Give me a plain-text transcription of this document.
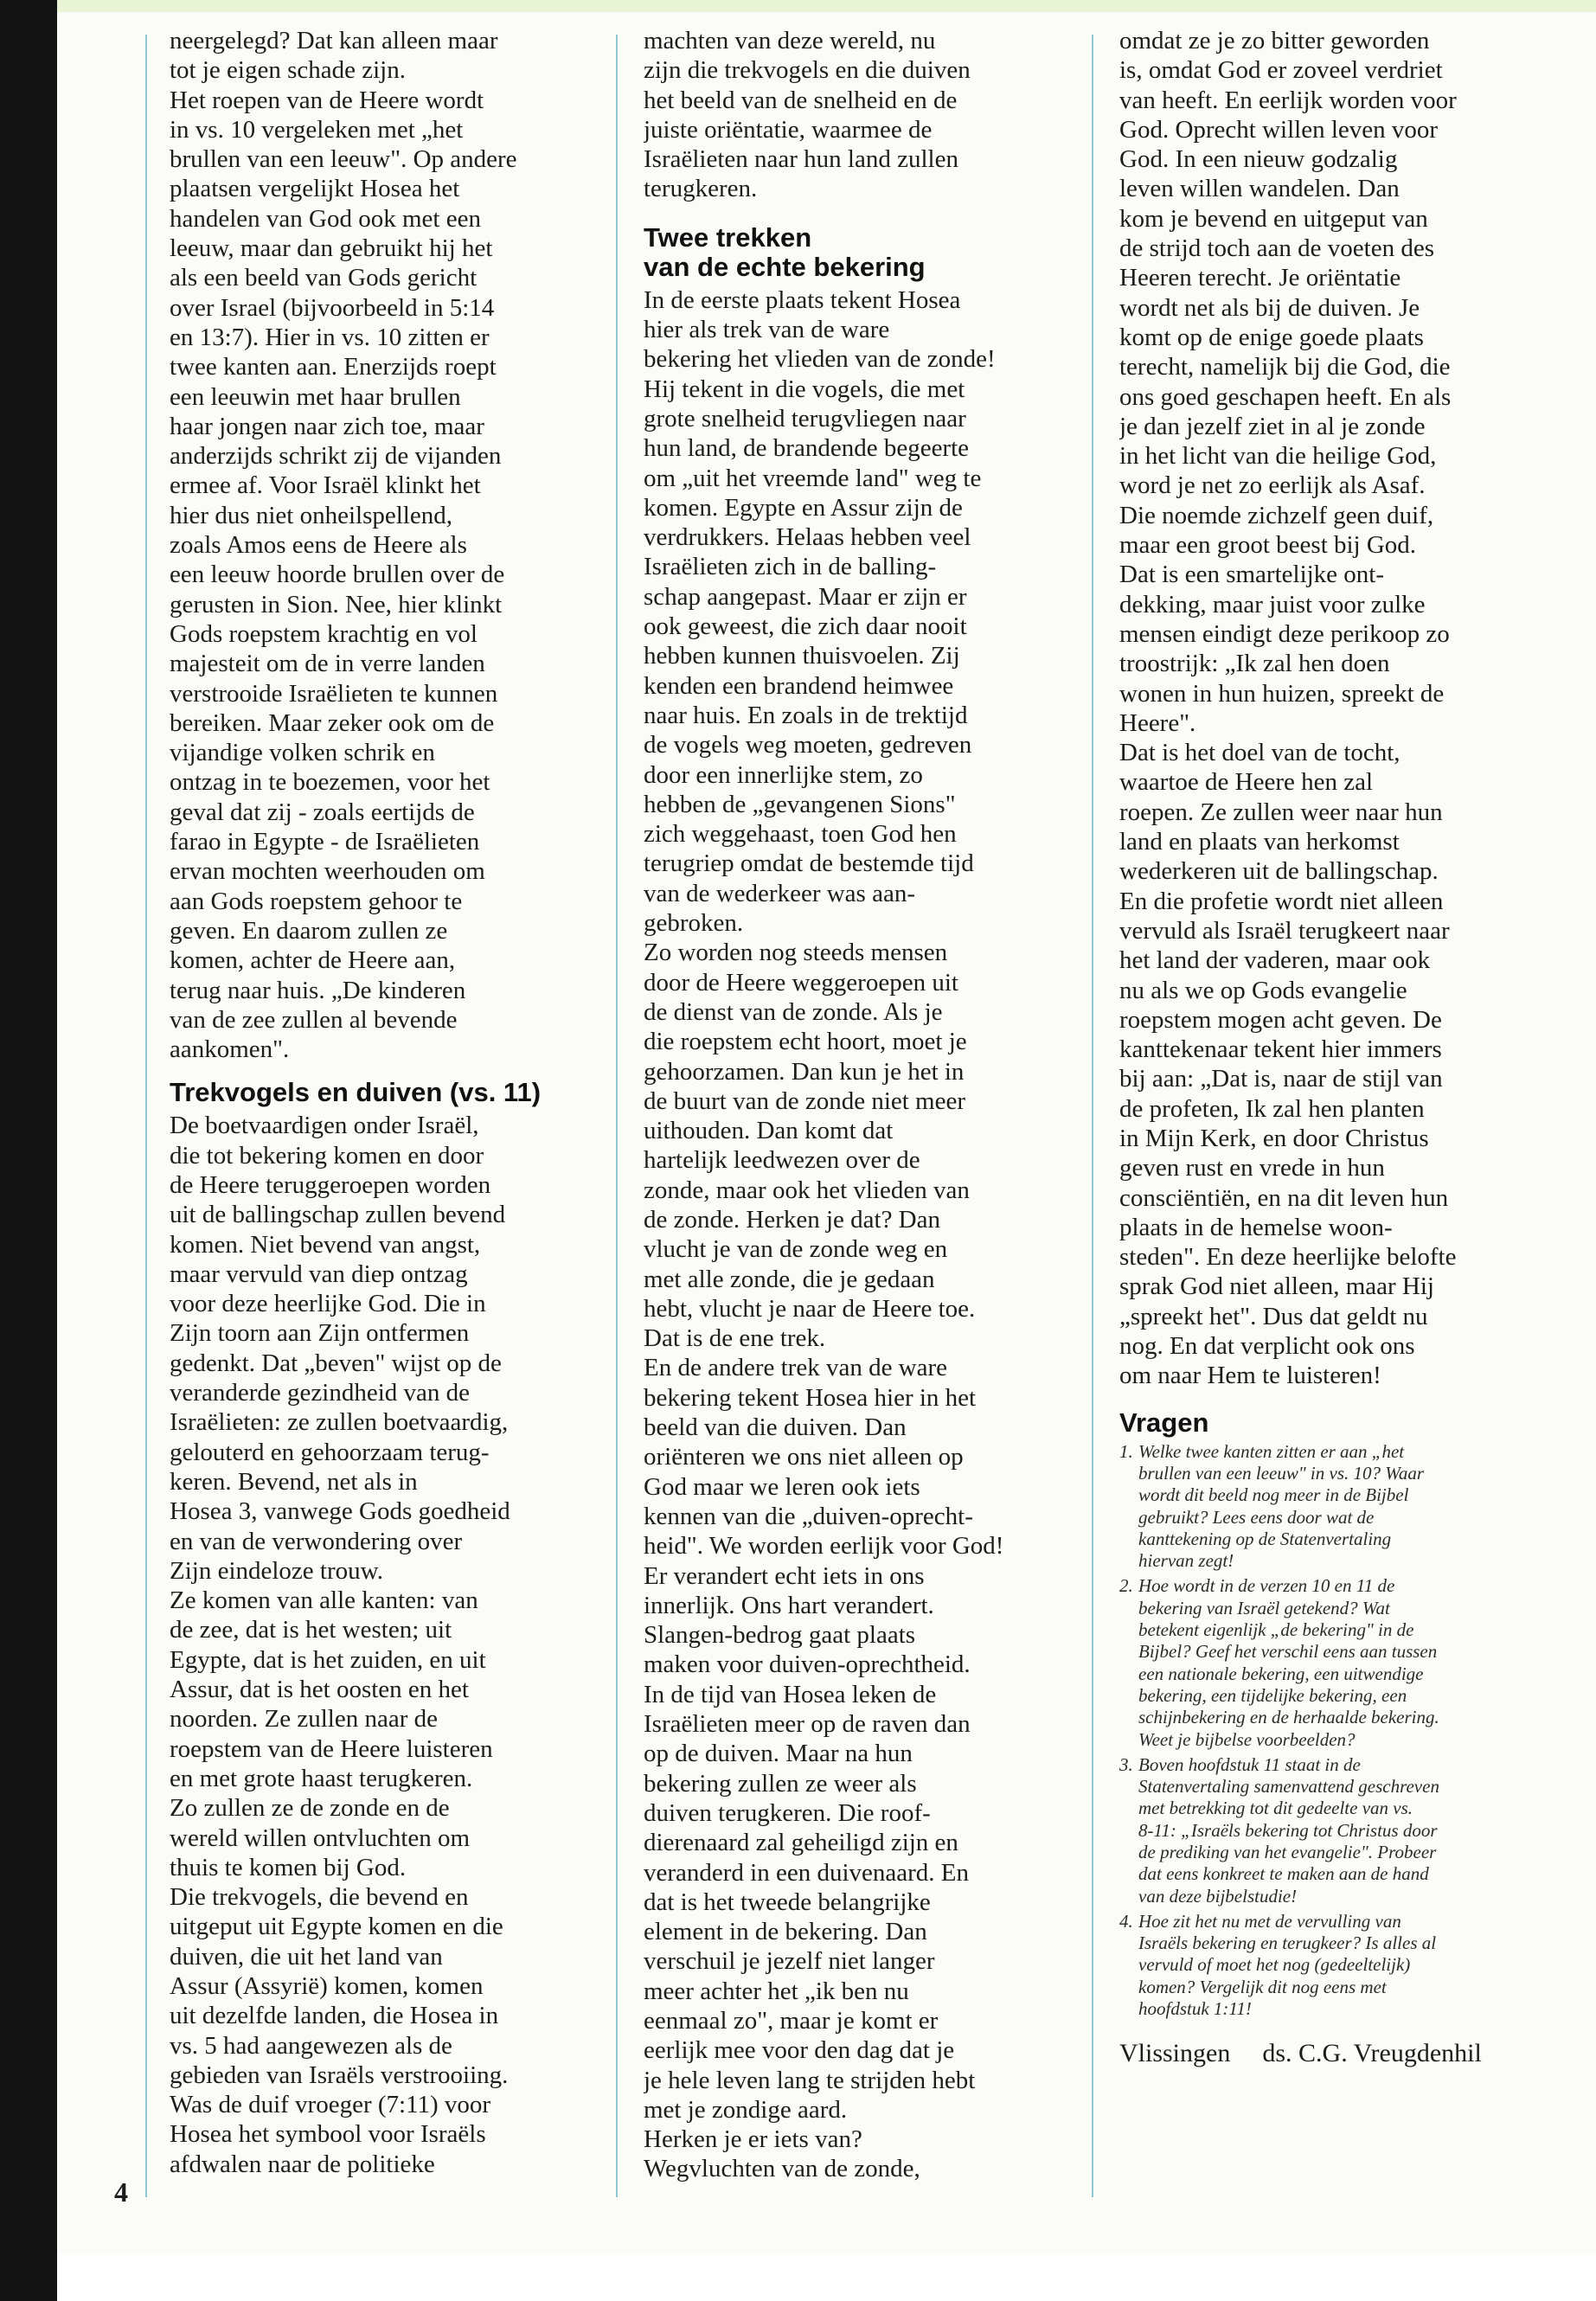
4

neergelegd? Dat kan alleen maar
tot je eigen schade zijn.
Het roepen van de Heere wordt
in vs. 10 vergeleken met „het
brullen van een leeuw". Op andere
plaatsen vergelijkt Hosea het
handelen van God ook met een
leeuw, maar dan gebruikt hij het
als een beeld van Gods gericht
over Israel (bijvoorbeeld in 5:14
en 13:7). Hier in vs. 10 zitten er
twee kanten aan. Enerzijds roept
een leeuwin met haar brullen
haar jongen naar zich toe, maar
anderzijds schrikt zij de vijanden
ermee af. Voor Israël klinkt het
hier dus niet onheilspellend,
zoals Amos eens de Heere als
een leeuw hoorde brullen over de
gerusten in Sion. Nee, hier klinkt
Gods roepstem krachtig en vol
majesteit om de in verre landen
verstrooide Israëlieten te kunnen
bereiken. Maar zeker ook om de
vijandige volken schrik en
ontzag in te boezemen, voor het
geval dat zij - zoals eertijds de
farao in Egypte - de Israëlieten
ervan mochten weerhouden om
aan Gods roepstem gehoor te
geven. En daarom zullen ze
komen, achter de Heere aan,
terug naar huis. „De kinderen
van de zee zullen al bevende
aankomen".

Trekvogels en duiven (vs. 11)

De boetvaardigen onder Israël,
die tot bekering komen en door
de Heere teruggeroepen worden
uit de ballingschap zullen bevend
komen. Niet bevend van angst,
maar vervuld van diep ontzag
voor deze heerlijke God. Die in
Zijn toorn aan Zijn ontfermen
gedenkt. Dat „beven" wijst op de
veranderde gezindheid van de
Israëlieten: ze zullen boetvaardig,
gelouterd en gehoorzaam terug-
keren. Bevend, net als in
Hosea 3, vanwege Gods goedheid
en van de verwondering over
Zijn eindeloze trouw.
Ze komen van alle kanten: van
de zee, dat is het westen; uit
Egypte, dat is het zuiden, en uit
Assur, dat is het oosten en het
noorden. Ze zullen naar de
roepstem van de Heere luisteren
en met grote haast terugkeren.
Zo zullen ze de zonde en de
wereld willen ontvluchten om
thuis te komen bij God.
Die trekvogels, die bevend en
uitgeput uit Egypte komen en die
duiven, die uit het land van
Assur (Assyrië) komen, komen
uit dezelfde landen, die Hosea in
vs. 5 had aangewezen als de
gebieden van Israëls verstrooiing.
Was de duif vroeger (7:11) voor
Hosea het symbool voor Israëls
afdwalen naar de politieke

machten van deze wereld, nu
zijn die trekvogels en die duiven
het beeld van de snelheid en de
juiste oriëntatie, waarmee de
Israëlieten naar hun land zullen
terugkeren.

Twee trekken
van de echte bekering

In de eerste plaats tekent Hosea
hier als trek van de ware
bekering het vlieden van de zonde!
Hij tekent in die vogels, die met
grote snelheid terugvliegen naar
hun land, de brandende begeerte
om „uit het vreemde land" weg te
komen. Egypte en Assur zijn de
verdrukkers. Helaas hebben veel
Israëlieten zich in de balling-
schap aangepast. Maar er zijn er
ook geweest, die zich daar nooit
hebben kunnen thuisvoelen. Zij
kenden een brandend heimwee
naar huis. En zoals in de trektijd
de vogels weg moeten, gedreven
door een innerlijke stem, zo
hebben de „gevangenen Sions"
zich weggehaast, toen God hen
terugriep omdat de bestemde tijd
van de wederkeer was aan-
gebroken.
Zo worden nog steeds mensen
door de Heere weggeroepen uit
de dienst van de zonde. Als je
die roepstem echt hoort, moet je
gehoorzamen. Dan kun je het in
de buurt van de zonde niet meer
uithouden. Dan komt dat
hartelijk leedwezen over de
zonde, maar ook het vlieden van
de zonde. Herken je dat? Dan
vlucht je van de zonde weg en
met alle zonde, die je gedaan
hebt, vlucht je naar de Heere toe.
Dat is de ene trek.
En de andere trek van de ware
bekering tekent Hosea hier in het
beeld van die duiven. Dan
oriënteren we ons niet alleen op
God maar we leren ook iets
kennen van die „duiven-oprecht-
heid". We worden eerlijk voor God!
Er verandert echt iets in ons
innerlijk. Ons hart verandert.
Slangen-bedrog gaat plaats
maken voor duiven-oprechtheid.
In de tijd van Hosea leken de
Israëlieten meer op de raven dan
op de duiven. Maar na hun
bekering zullen ze weer als
duiven terugkeren. Die roof-
dierenaard zal geheiligd zijn en
veranderd in een duivenaard. En
dat is het tweede belangrijke
element in de bekering. Dan
verschuil je jezelf niet langer
meer achter het „ik ben nu
eenmaal zo", maar je komt er
eerlijk mee voor den dag dat je
je hele leven lang te strijden hebt
met je zondige aard.
Herken je er iets van?
Wegvluchten van de zonde,

omdat ze je zo bitter geworden
is, omdat God er zoveel verdriet
van heeft. En eerlijk worden voor
God. Oprecht willen leven voor
God. In een nieuw godzalig
leven willen wandelen. Dan
kom je bevend en uitgeput van
de strijd toch aan de voeten des
Heeren terecht. Je oriëntatie
wordt net als bij de duiven. Je
komt op de enige goede plaats
terecht, namelijk bij die God, die
ons goed geschapen heeft. En als
je dan jezelf ziet in al je zonde
in het licht van die heilige God,
word je net zo eerlijk als Asaf.
Die noemde zichzelf geen duif,
maar een groot beest bij God.
Dat is een smartelijke ont-
dekking, maar juist voor zulke
mensen eindigt deze perikoop zo
troostrijk: „Ik zal hen doen
wonen in hun huizen, spreekt de
Heere".
Dat is het doel van de tocht,
waartoe de Heere hen zal
roepen. Ze zullen weer naar hun
land en plaats van herkomst
wederkeren uit de ballingschap.
En die profetie wordt niet alleen
vervuld als Israël terugkeert naar
het land der vaderen, maar ook
nu als we op Gods evangelie
roepstem mogen acht geven. De
kanttekenaar tekent hier immers
bij aan: „Dat is, naar de stijl van
de profeten, Ik zal hen planten
in Mijn Kerk, en door Christus
geven rust en vrede in hun
consciëntiën, en na dit leven hun
plaats in de hemelse woon-
steden". En deze heerlijke belofte
sprak God niet alleen, maar Hij
„spreekt het". Dus dat geldt nu
nog. En dat verplicht ook ons
om naar Hem te luisteren!

Vragen

1. Welke twee kanten zitten er aan „het
brullen van een leeuw" in vs. 10? Waar
wordt dit beeld nog meer in de Bijbel
gebruikt? Lees eens door wat de
kanttekening op de Statenvertaling
hiervan zegt!

2. Hoe wordt in de verzen 10 en 11 de
bekering van Israël getekend? Wat
betekent eigenlijk „de bekering" in de
Bijbel? Geef het verschil eens aan tussen
een nationale bekering, een uitwendige
bekering, een tijdelijke bekering, een
schijnbekering en de herhaalde bekering.
Weet je bijbelse voorbeelden?

3. Boven hoofdstuk 11 staat in de
Statenvertaling samenvattend geschreven
met betrekking tot dit gedeelte van vs.
8-11: „Israëls bekering tot Christus door
de prediking van het evangelie". Probeer
dat eens konkreet te maken aan de hand
van deze bijbelstudie!

4. Hoe zit het nu met de vervulling van
Israëls bekering en terugkeer? Is alles al
vervuld of moet het nog (gedeeltelijk)
komen? Vergelijk dit nog eens met
hoofdstuk 1:11!

Vlissingen ds. C.G. Vreugdenhil
